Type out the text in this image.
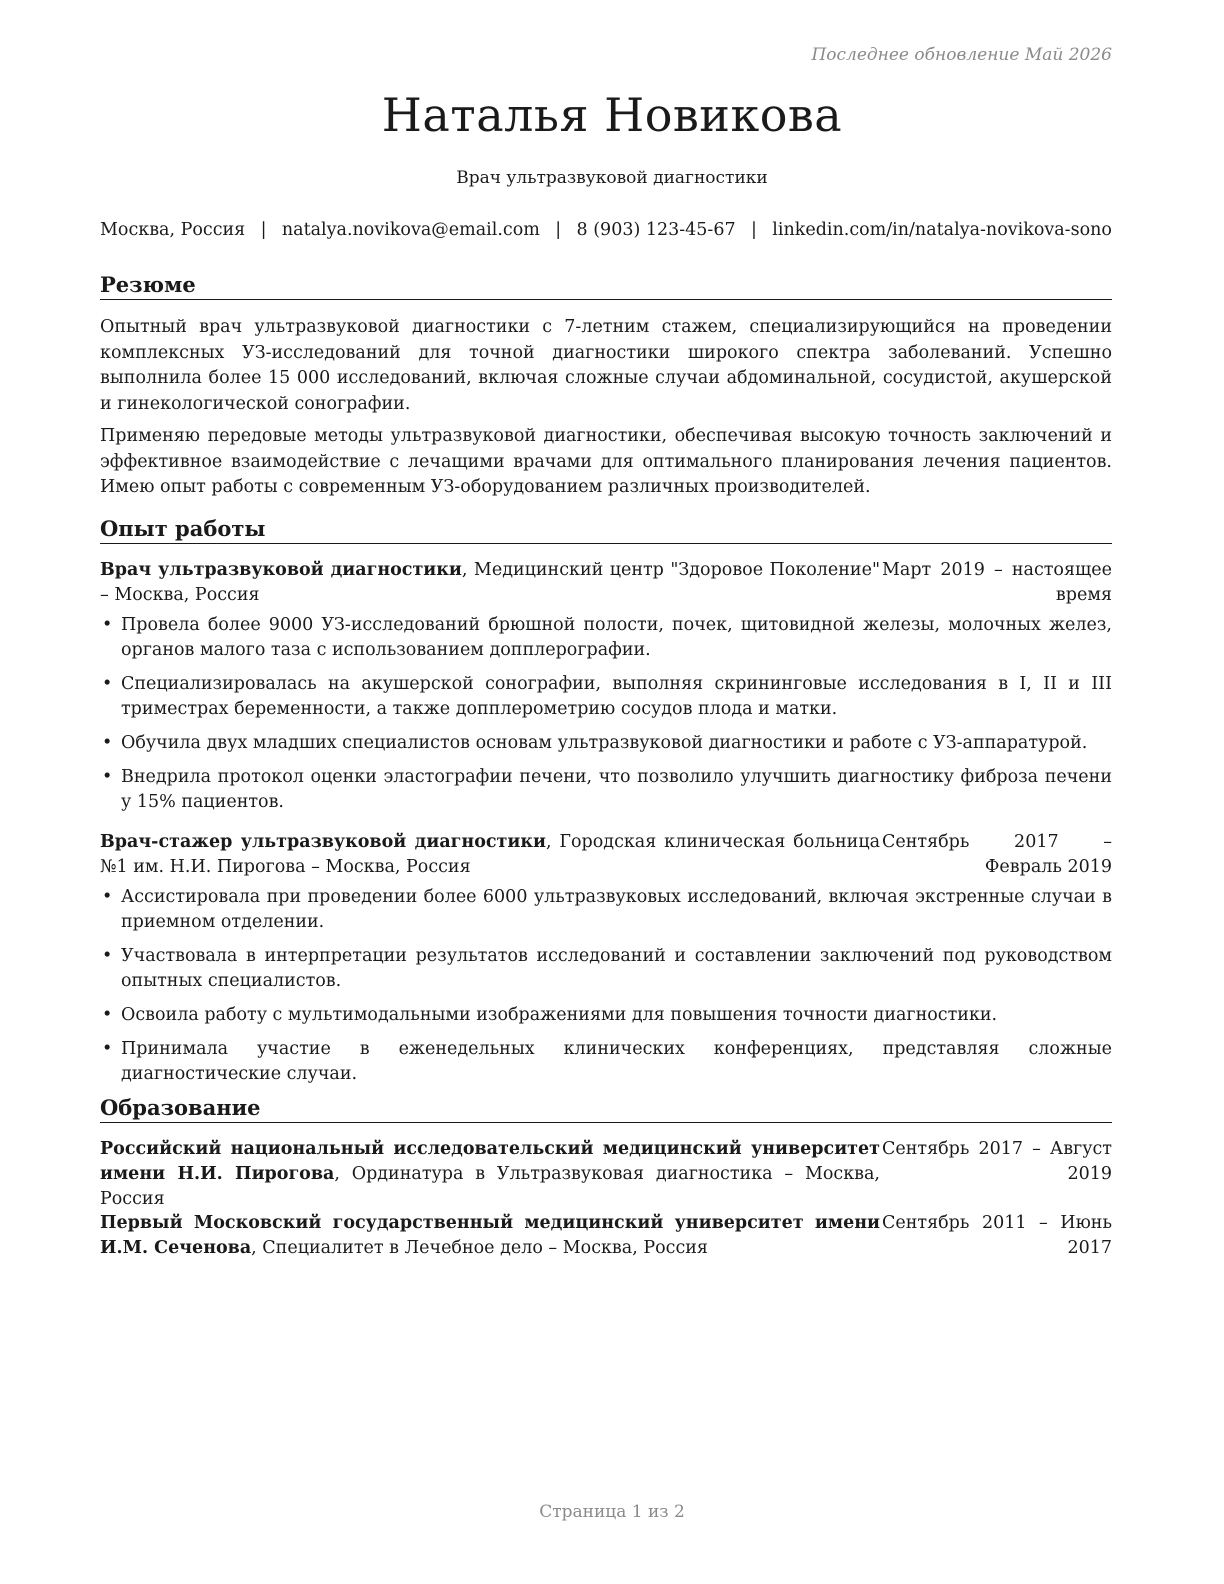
Последнее обновление Май 2026
Наталья Новикова
Врач ультразвуковой диагностики
Москва, Россия | natalya.novikova@email.com | 8 (903) 123-45-67 | linkedin.com/in/natalya-novikova-sono
Резюме

Опытный врач ультразвуковой диагностики с 7-летним стажем, специализирующийся на проведении комплексных УЗ-исследований для точной диагностики широкого спектра заболеваний. Успешно выполнила более 15 000 исследований, включая сложные случаи абдоминальной, сосудистой, акушерской и гинекологической сонографии.

Применяю передовые методы ультразвуковой диагностики, обеспечивая высокую точность заключений и эффективное взаимодействие с лечащими врачами для оптимального планирования лечения пациентов. Имею опыт работы с современным УЗ-оборудованием различных производителей.

Опыт работы
Врач ультразвуковой диагностики, Медицинский центр "Здоровое Поколение" – Москва, Россия
Март 2019 – настоящее время
• Провела более 9000 УЗ-исследований брюшной полости, почек, щитовидной железы, молочных желез, органов малого таза с использованием допплерографии.
• Специализировалась на акушерской сонографии, выполняя скрининговые исследования в I, II и III триместрах беременности, а также допплерометрию сосудов плода и матки.
• Обучила двух младших специалистов основам ультразвуковой диагностики и работе с УЗ-аппаратурой.
• Внедрила протокол оценки эластографии печени, что позволило улучшить диагностику фиброза печени у 15% пациентов.
Врач-стажер ультразвуковой диагностики, Городская клиническая больница №1 им. Н.И. Пирогова – Москва, Россия
Сентябрь 2017 – Февраль 2019
• Ассистировала при проведении более 6000 ультразвуковых исследований, включая экстренные случаи в приемном отделении.
• Участвовала в интерпретации результатов исследований и составлении заключений под руководством опытных специалистов.
• Освоила работу с мультимодальными изображениями для повышения точности диагностики.
• Принимала участие в еженедельных клинических конференциях, представляя сложные диагностические случаи.
Образование
Российский национальный исследовательский медицинский университет имени Н.И. Пирогова, Ординатура в Ультразвуковая диагностика – Москва, Россия
Сентябрь 2017 – Август 2019
Первый Московский государственный медицинский университет имени И.М. Сеченова, Специалитет в Лечебное дело – Москва, Россия
Сентябрь 2011 – Июнь 2017
Страница 1 из 2
